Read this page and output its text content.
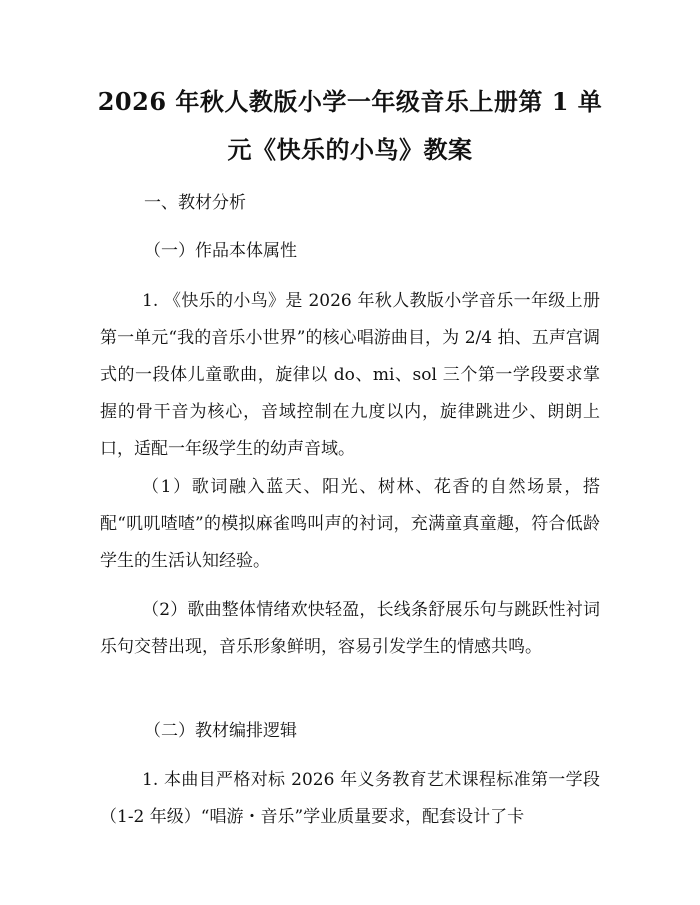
2026 年秋人教版小学一年级音乐上册第 1 单
元《快乐的小鸟》教案
一、教材分析
（一）作品本体属性
1. 《快乐的小鸟》是 2026 年秋人教版小学音乐一年级上册第一单元“我的音乐小世界”的核心唱游曲目，为 2/4 拍、五声宫调式的一段体儿童歌曲，旋律以 do、mi、sol 三个第一学段要求掌握的骨干音为核心，音域控制在九度以内，旋律跳进少、朗朗上口，适配一年级学生的幼声音域。
（1）歌词融入蓝天、阳光、树林、花香的自然场景，搭配“叽叽喳喳”的模拟麻雀鸣叫声的衬词，充满童真童趣，符合低龄学生的生活认知经验。
（2）歌曲整体情绪欢快轻盈，长线条舒展乐句与跳跃性衬词乐句交替出现，音乐形象鲜明，容易引发学生的情感共鸣。
（二）教材编排逻辑
1. 本曲目严格对标 2026 年义务教育艺术课程标准第一学段（1-2 年级）“唱游・音乐”学业质量要求，配套设计了卡
